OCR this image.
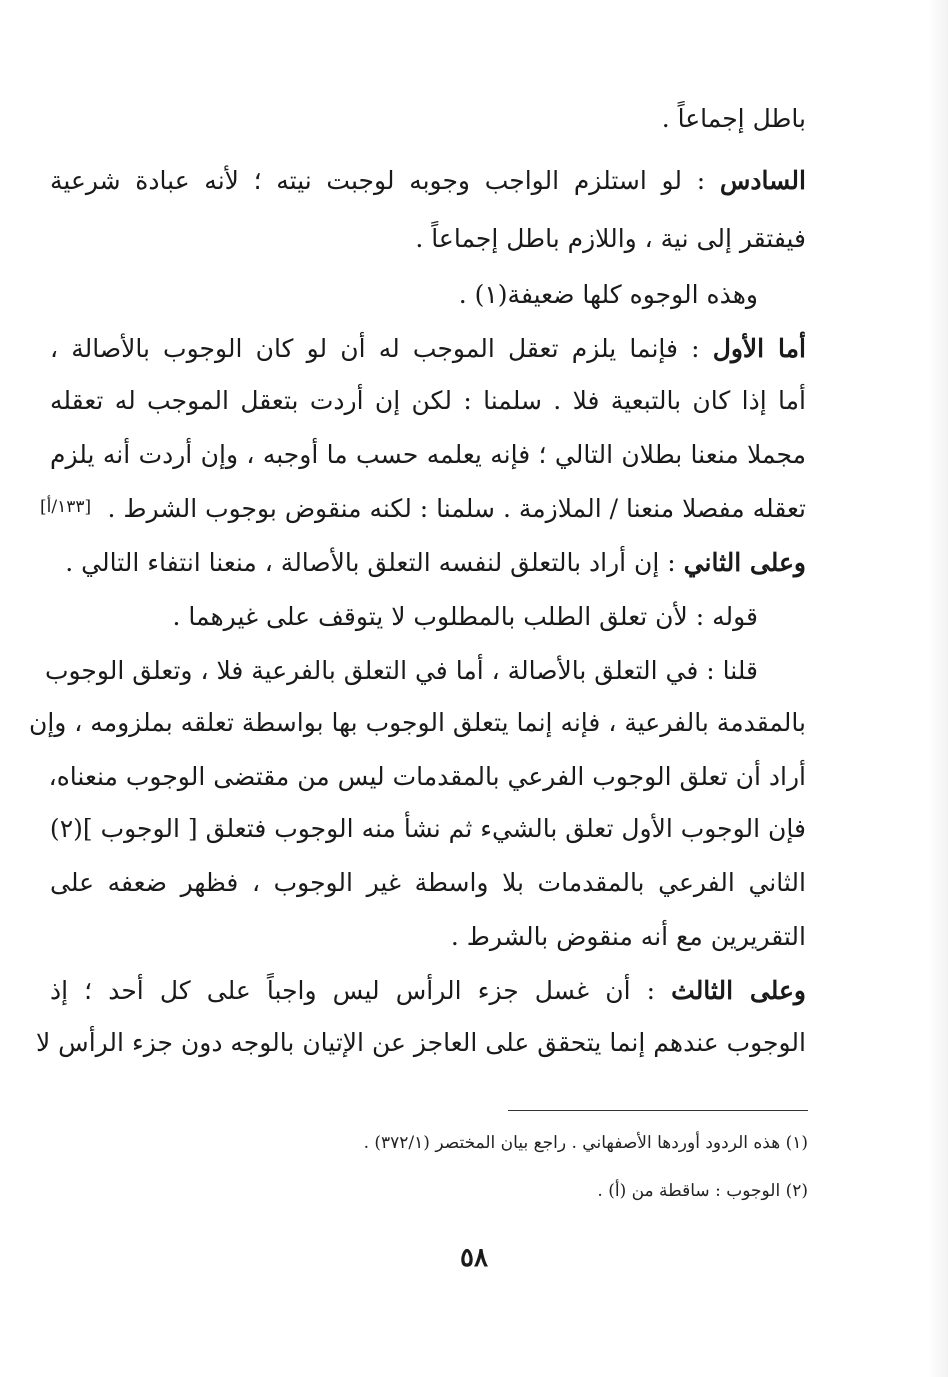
باطل إجماعاً .
السادس : لو استلزم الواجب وجوبه لوجبت نيته ؛ لأنه عبادة شرعية
فيفتقر إلى نية ، واللازم باطل إجماعاً .
وهذه الوجوه كلها ضعيفة(١) .
أما الأول : فإنما يلزم تعقل الموجب له أن لو كان الوجوب بالأصالة ،
أما إذا كان بالتبعية فلا . سلمنا : لكن إن أردت بتعقل الموجب له تعقله
مجملا منعنا بطلان التالي ؛ فإنه يعلمه حسب ما أوجبه ، وإن أردت أنه يلزم
[١٣٣/أ] تعقله مفصلا منعنا / الملازمة . سلمنا : لكنه منقوض بوجوب الشرط .
وعلى الثاني : إن أراد بالتعلق لنفسه التعلق بالأصالة ، منعنا انتفاء التالي .
قوله : لأن تعلق الطلب بالمطلوب لا يتوقف على غيرهما .
قلنا : في التعلق بالأصالة ، أما في التعلق بالفرعية فلا ، وتعلق الوجوب
بالمقدمة بالفرعية ، فإنه إنما يتعلق الوجوب بها بواسطة تعلقه بملزومه ، وإن
أراد أن تعلق الوجوب الفرعي بالمقدمات ليس من مقتضى الوجوب منعناه،
فإن الوجوب الأول تعلق بالشيء ثم نشأ منه الوجوب فتعلق [ الوجوب ](٢)
الثاني الفرعي بالمقدمات بلا واسطة غير الوجوب ، فظهر ضعفه على
التقريرين مع أنه منقوض بالشرط .
وعلى الثالث : أن غسل جزء الرأس ليس واجباً على كل أحد ؛ إذ
الوجوب عندهم إنما يتحقق على العاجز عن الإتيان بالوجه دون جزء الرأس لا
(١) هذه الردود أوردها الأصفهاني . راجع بيان المختصر (٣٧٢/١) .
(٢) الوجوب : ساقطة من (أ) .
٥٨
